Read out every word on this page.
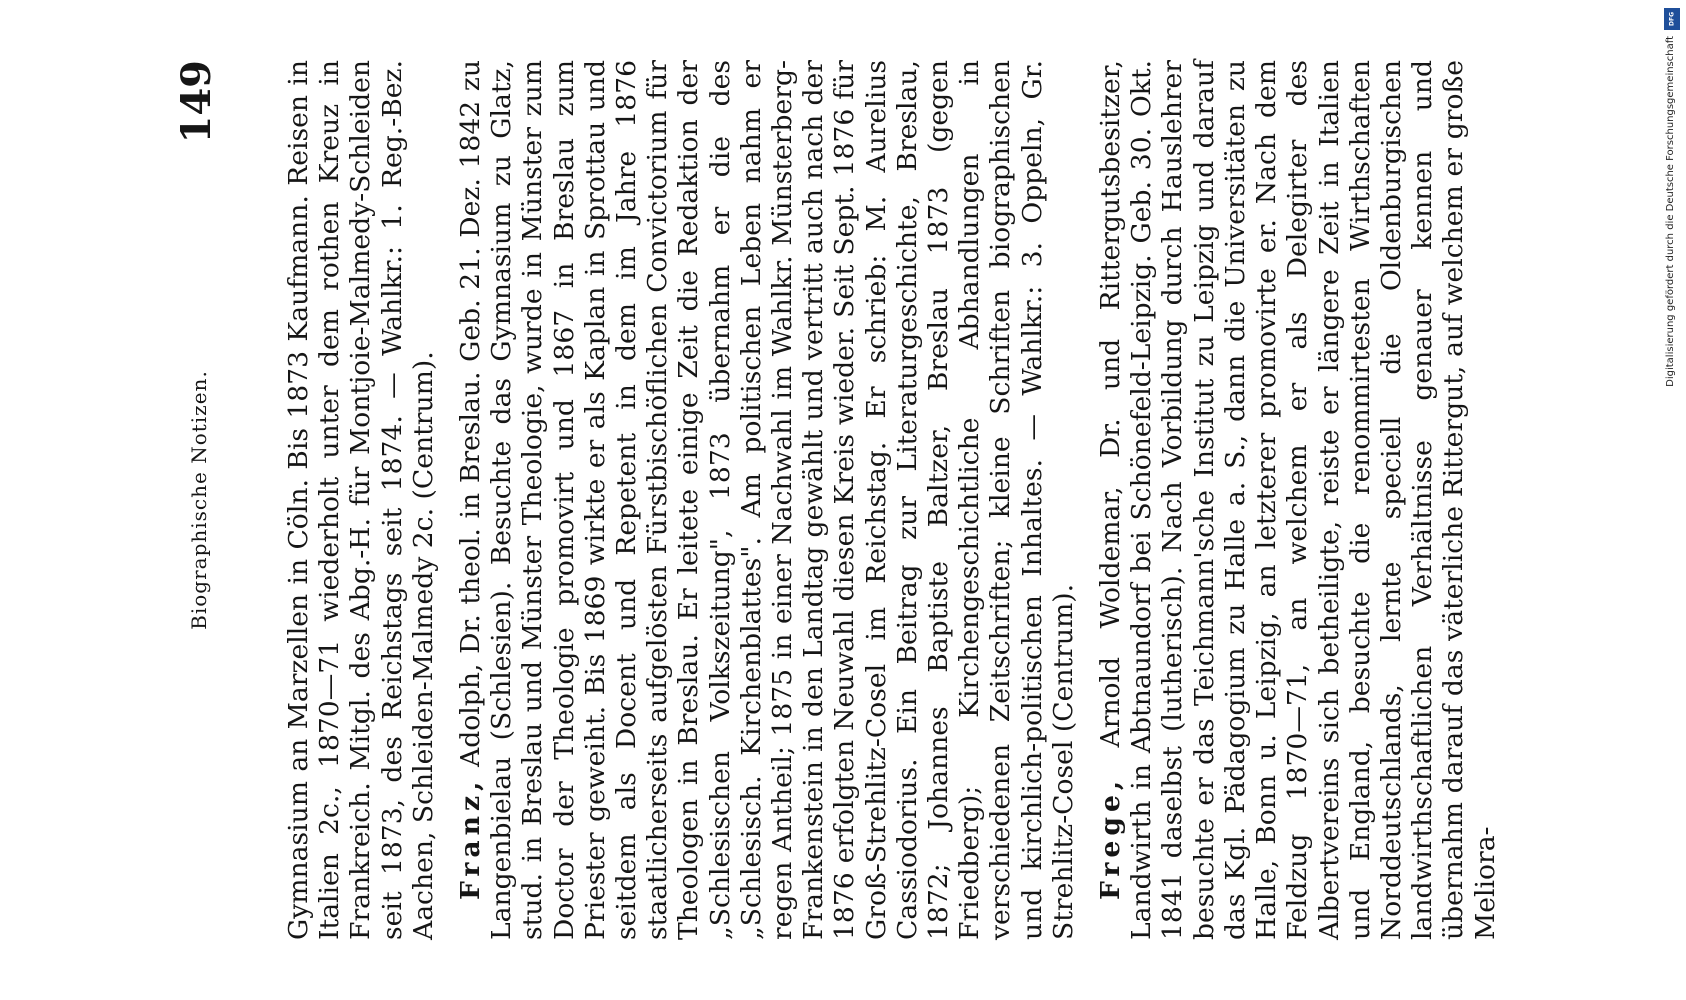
Biographische Notizen.
149 Gymnasium an Marzellen in Cöln. Bis 1873 Kaufmann. Reisen in Italien 2c., 1870—71 wiederholt unter dem rothen Kreuz in Frankreich. Mitgl. des Abg.-H. für Montjoie-Malmedy-Schleiden seit 1873, des Reichstags seit 1874. — Wahlkr.: 1. Reg.-Bez. Aachen, Schleiden-Malmedy 2c. (Centrum). Franz, Adolph, Dr. theol. in Breslau. Geb. 21. Dez. 1842 zu Langenbielau (Schlesien). Besuchte das Gymnasium zu Glatz, stud. in Breslau und Münster Theologie, wurde in Münster zum Doctor der Theologie promovirt und 1867 in Breslau zum Priester geweiht. Bis 1869 wirkte er als Kaplan in Sprottau und seitdem als Docent und Repetent in dem im Jahre 1876 staatlicherseits aufgelösten Fürstbischöflichen Convictorium für Theologen in Breslau. Er leitete einige Zeit die Redaktion der „Schlesischen Volkszeitung", 1873 übernahm er die des „Schlesisch. Kirchenblattes". Am politischen Leben nahm er regen Antheil; 1875 in einer Nachwahl im Wahlkr. Münsterberg-Frankenstein in den Landtag gewählt und vertritt auch nach der 1876 erfolgten Neuwahl diesen Kreis wieder. Seit Sept. 1876 für Groß-Strehlitz-Cosel im Reichstag. Er schrieb: M. Aurelius Cassiodorius. Ein Beitrag zur Literaturgeschichte, Breslau, 1872; Johannes Baptiste Baltzer, Breslau 1873 (gegen Friedberg); Kirchengeschichtliche Abhandlungen in verschiedenen Zeitschriften; kleine Schriften biographischen und kirchlich-politischen Inhaltes. — Wahlkr.: 3. Oppeln, Gr. Strehlitz-Cosel (Centrum). Frege, Arnold Woldemar, Dr. und Rittergutsbesitzer, Landwirth in Abtnaundorf bei Schönefeld-Leipzig. Geb. 30. Okt. 1841 daselbst (lutherisch). Nach Vorbildung durch Hauslehrer besuchte er das Teichmann'sche Institut zu Leipzig und darauf das Kgl. Pädagogium zu Halle a. S., dann die Universitäten zu Halle, Bonn u. Leipzig, an letzterer promovirte er. Nach dem Feldzug 1870—71, an welchem er als Delegirter des Albertvereins sich betheiligte, reiste er längere Zeit in Italien und England, besuchte die renommirtesten Wirthschaften Norddeutschlands, lernte speciell die Oldenburgischen landwirthschaftlichen Verhältnisse genauer kennen und übernahm darauf das väterliche Rittergut, auf welchem er große Meliora-

DFG
Digitalisierung gefördert durch die Deutsche Forschungsgemeinschaft
